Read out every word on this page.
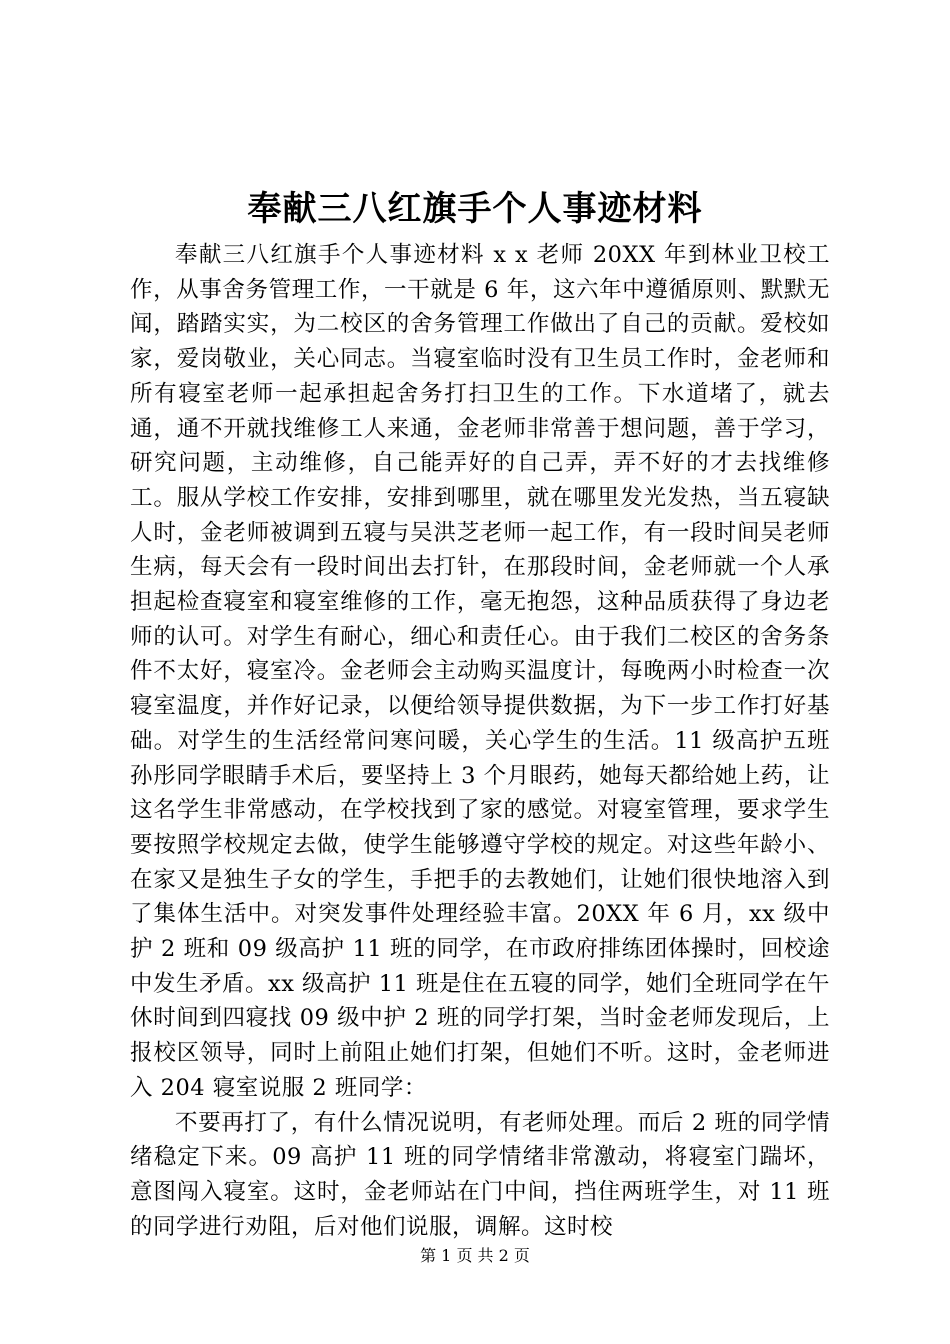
奉献三八红旗手个人事迹材料

奉献三八红旗手个人事迹材料 x x 老师 20XX 年到林业卫校工作，从事舍务管理工作，一干就是 6 年，这六年中遵循原则、默默无闻，踏踏实实，为二校区的舍务管理工作做出了自己的贡献。爱校如家，爱岗敬业，关心同志。当寝室临时没有卫生员工作时，金老师和所有寝室老师一起承担起舍务打扫卫生的工作。下水道堵了，就去通，通不开就找维修工人来通，金老师非常善于想问题，善于学习，研究问题，主动维修，自己能弄好的自己弄，弄不好的才去找维修工。服从学校工作安排，安排到哪里，就在哪里发光发热，当五寝缺人时，金老师被调到五寝与吴洪芝老师一起工作，有一段时间吴老师生病，每天会有一段时间出去打针，在那段时间，金老师就一个人承担起检查寝室和寝室维修的工作，毫无抱怨，这种品质获得了身边老师的认可。对学生有耐心，细心和责任心。由于我们二校区的舍务条件不太好，寝室冷。金老师会主动购买温度计，每晚两小时检查一次寝室温度，并作好记录，以便给领导提供数据，为下一步工作打好基础。对学生的生活经常问寒问暖，关心学生的生活。11 级高护五班孙彤同学眼睛手术后，要坚持上 3 个月眼药，她每天都给她上药，让这名学生非常感动，在学校找到了家的感觉。对寝室管理，要求学生要按照学校规定去做，使学生能够遵守学校的规定。对这些年龄小、在家又是独生子女的学生，手把手的去教她们，让她们很快地溶入到了集体生活中。对突发事件处理经验丰富。20XX 年 6 月，xx 级中护 2 班和 09 级高护 11 班的同学，在市政府排练团体操时，回校途中发生矛盾。xx 级高护 11 班是住在五寝的同学，她们全班同学在午休时间到四寝找 09 级中护 2 班的同学打架，当时金老师发现后，上报校区领导，同时上前阻止她们打架，但她们不听。这时，金老师进入 204 寝室说服 2 班同学：

不要再打了，有什么情况说明，有老师处理。而后 2 班的同学情绪稳定下来。09 高护 11 班的同学情绪非常激动，将寝室门踹坏，意图闯入寝室。这时，金老师站在门中间，挡住两班学生，对 11 班的同学进行劝阻，后对他们说服，调解。这时校

第 1 页 共 2 页
